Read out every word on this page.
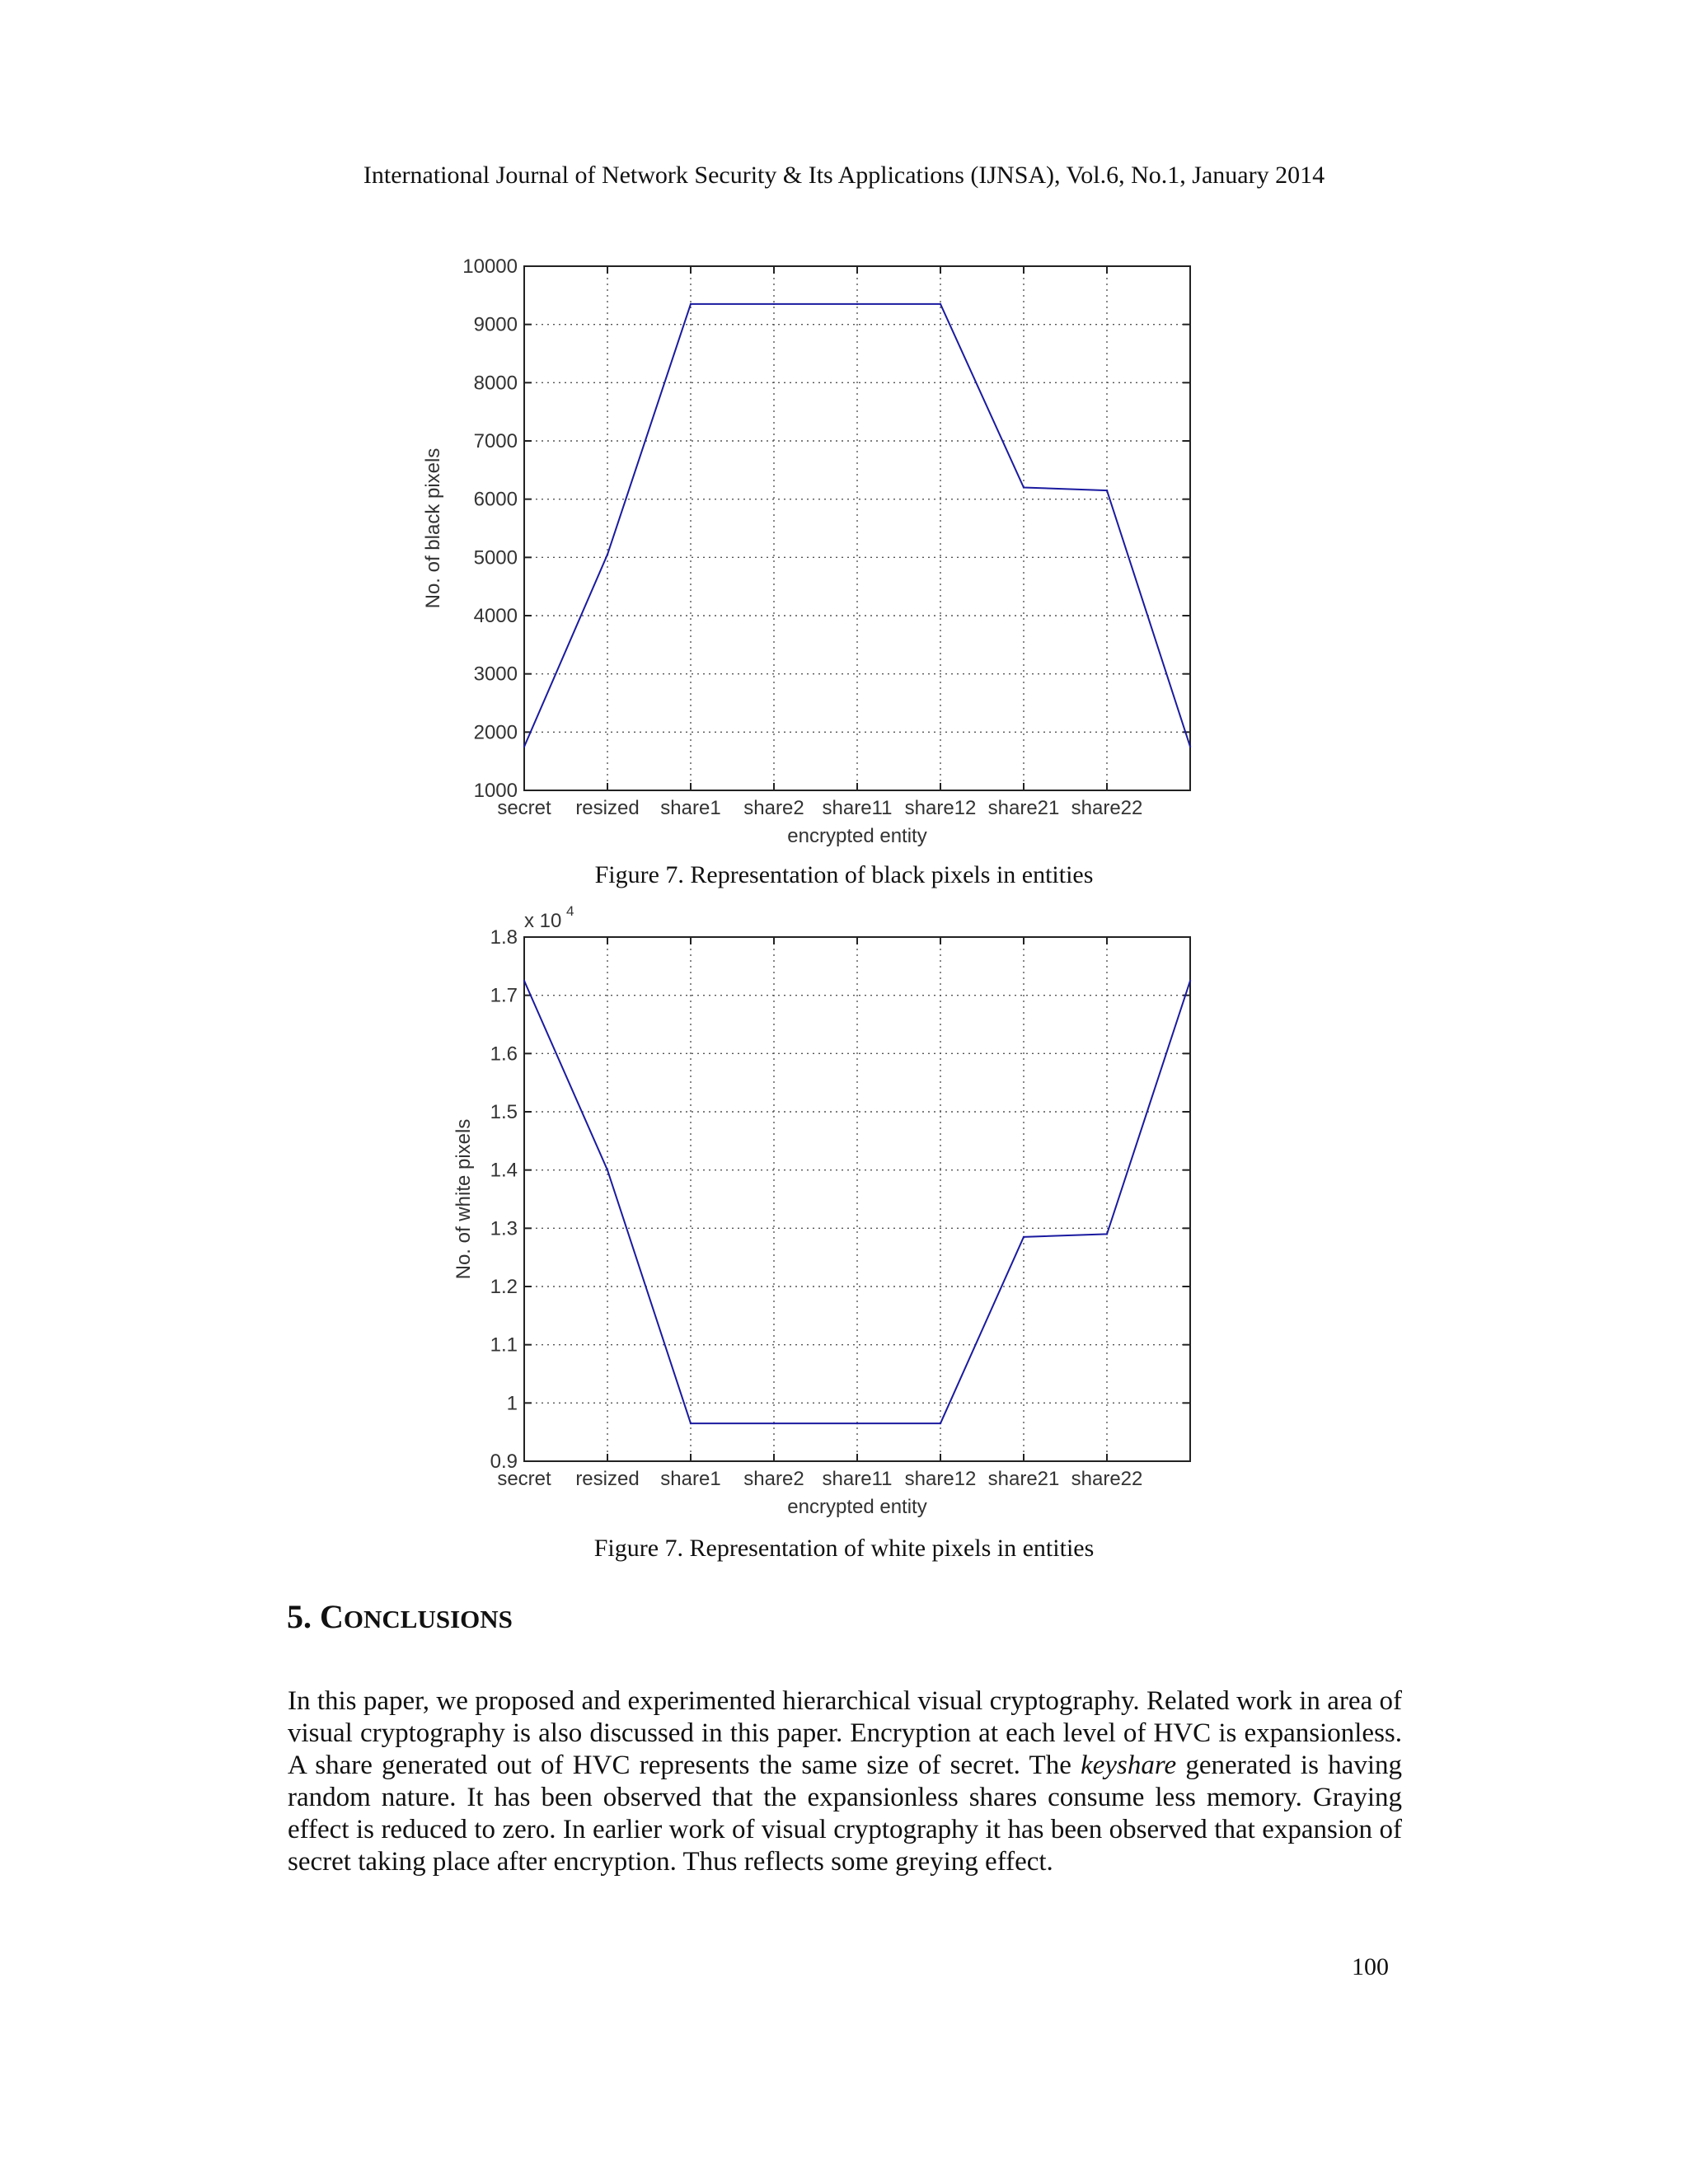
International Journal of Network Security & Its Applications (IJNSA), Vol.6, No.1, January 2014
1000
2000
3000
4000
5000
6000
7000
8000
9000
10000
secret resized share1 share2 share11 share12 share21 share22
encrypted entity
No. of black pixels
Figure 7. Representation of black pixels in entities
0.9
1
1.1
1.2
1.3
1.4
1.5
1.6
1.7
1.8
secret resized share1 share2 share11 share12 share21 share22
x 10 4
encrypted entity
No. of white pixels
Figure 7. Representation of white pixels in entities
5. CONCLUSIONS
In this paper, we proposed and experimented hierarchical visual cryptography. Related work in area of visual cryptography is also discussed in this paper. Encryption at each level of HVC is expansionless. A share generated out of HVC represents the same size of secret. The keyshare generated is having random nature. It has been observed that the expansionless shares consume less memory. Graying effect is reduced to zero. In earlier work of visual cryptography it has been observed that expansion of secret taking place after encryption. Thus reflects some greying effect.
100
